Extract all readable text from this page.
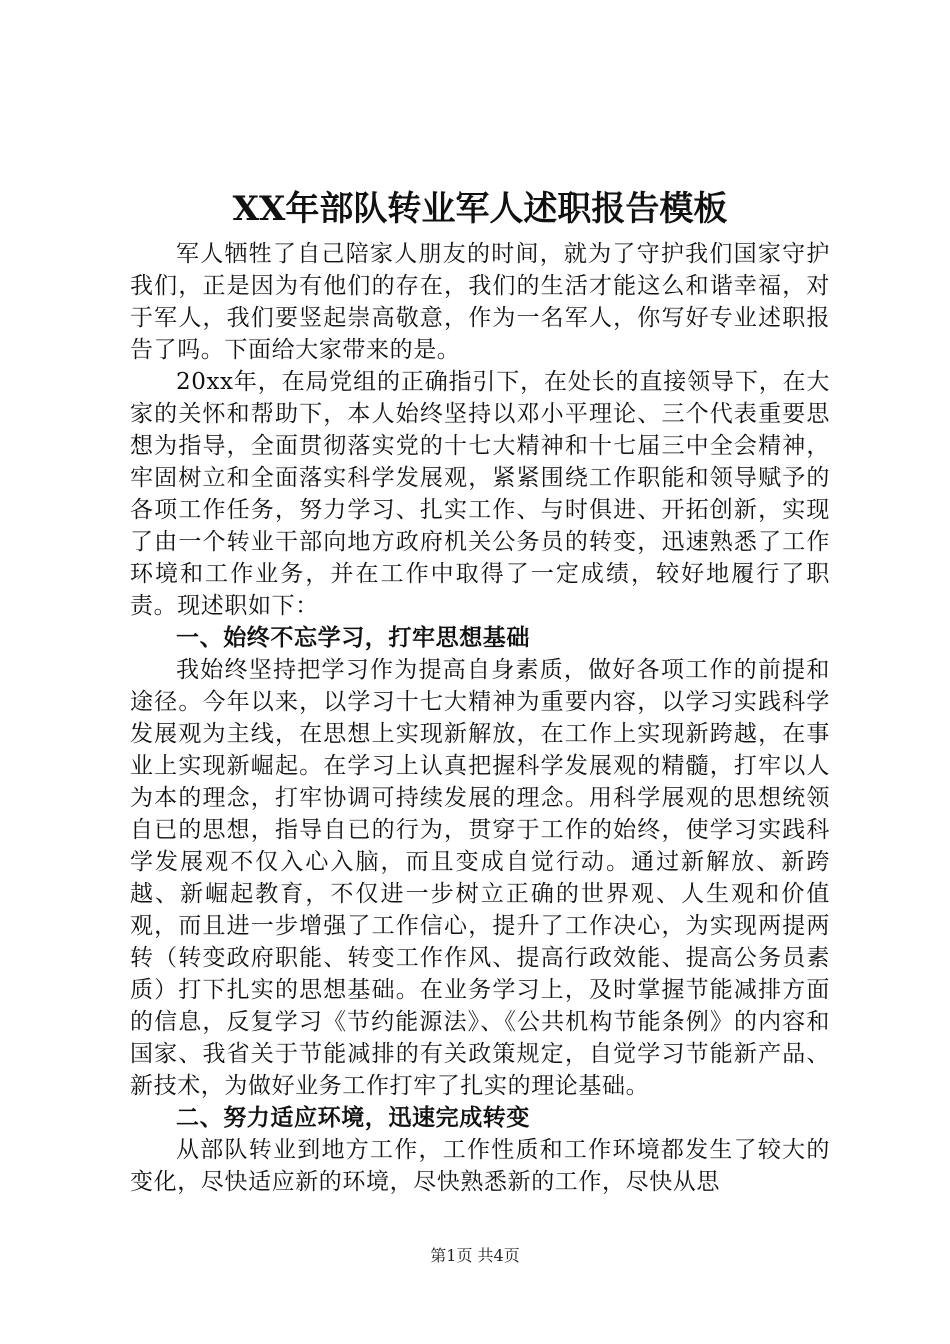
XX年部队转业军人述职报告模板

军人牺牲了自己陪家人朋友的时间，就为了守护我们国家守护我们，正是因为有他们的存在，我们的生活才能这么和谐幸福，对于军人，我们要竖起崇高敬意，作为一名军人，你写好专业述职报告了吗。下面给大家带来的是。

20xx年，在局党组的正确指引下，在处长的直接领导下，在大家的关怀和帮助下，本人始终坚持以邓小平理论、三个代表重要思想为指导，全面贯彻落实党的十七大精神和十七届三中全会精神，牢固树立和全面落实科学发展观，紧紧围绕工作职能和领导赋予的各项工作任务，努力学习、扎实工作、与时俱进、开拓创新，实现了由一个转业干部向地方政府机关公务员的转变，迅速熟悉了工作环境和工作业务，并在工作中取得了一定成绩，较好地履行了职责。现述职如下：

一、始终不忘学习，打牢思想基础

我始终坚持把学习作为提高自身素质，做好各项工作的前提和途径。今年以来，以学习十七大精神为重要内容，以学习实践科学发展观为主线，在思想上实现新解放，在工作上实现新跨越，在事业上实现新崛起。在学习上认真把握科学发展观的精髓，打牢以人为本的理念，打牢协调可持续发展的理念。用科学展观的思想统领自已的思想，指导自已的行为，贯穿于工作的始终，使学习实践科学发展观不仅入心入脑，而且变成自觉行动。通过新解放、新跨越、新崛起教育，不仅进一步树立正确的世界观、人生观和价值观，而且进一步增强了工作信心，提升了工作决心，为实现两提两转（转变政府职能、转变工作作风、提高行政效能、提高公务员素质）打下扎实的思想基础。在业务学习上，及时掌握节能减排方面的信息，反复学习《节约能源法》、《公共机构节能条例》的内容和国家、我省关于节能减排的有关政策规定，自觉学习节能新产品、新技术，为做好业务工作打牢了扎实的理论基础。

二、努力适应环境，迅速完成转变

从部队转业到地方工作，工作性质和工作环境都发生了较大的变化，尽快适应新的环境，尽快熟悉新的工作，尽快从思

第1页 共4页
